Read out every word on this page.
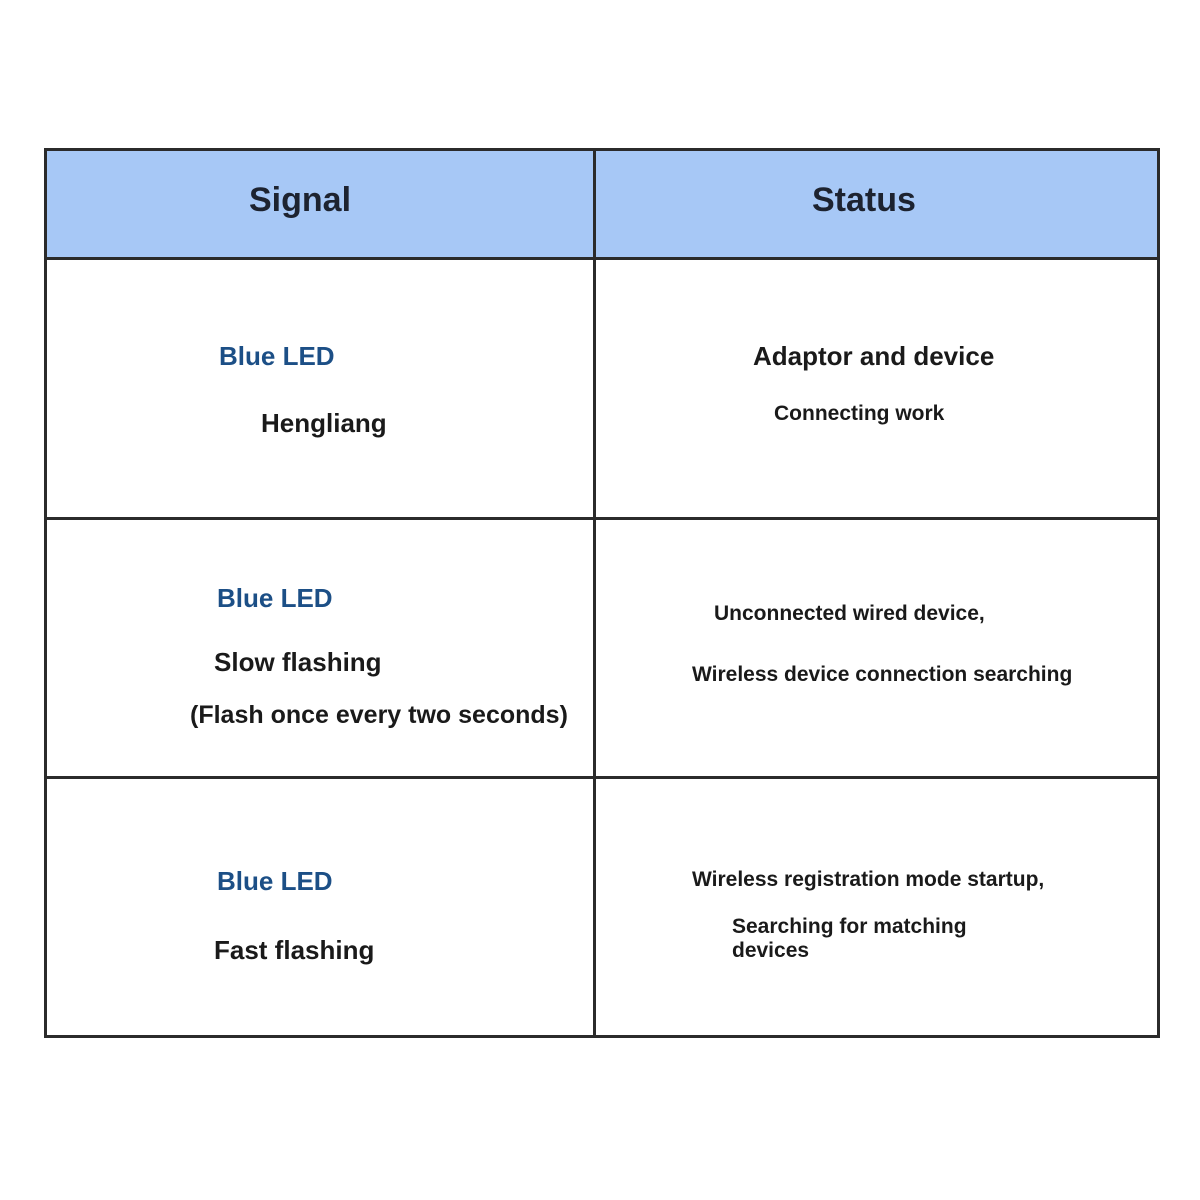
Signal	Status
Blue LED
Hengliang
Adaptor and device
Connecting work
Blue LED
Slow flashing
(Flash once every two seconds)
Unconnected wired device,
Wireless device connection searching
Blue LED
Fast flashing
Wireless registration mode startup,
Searching for matching devices
